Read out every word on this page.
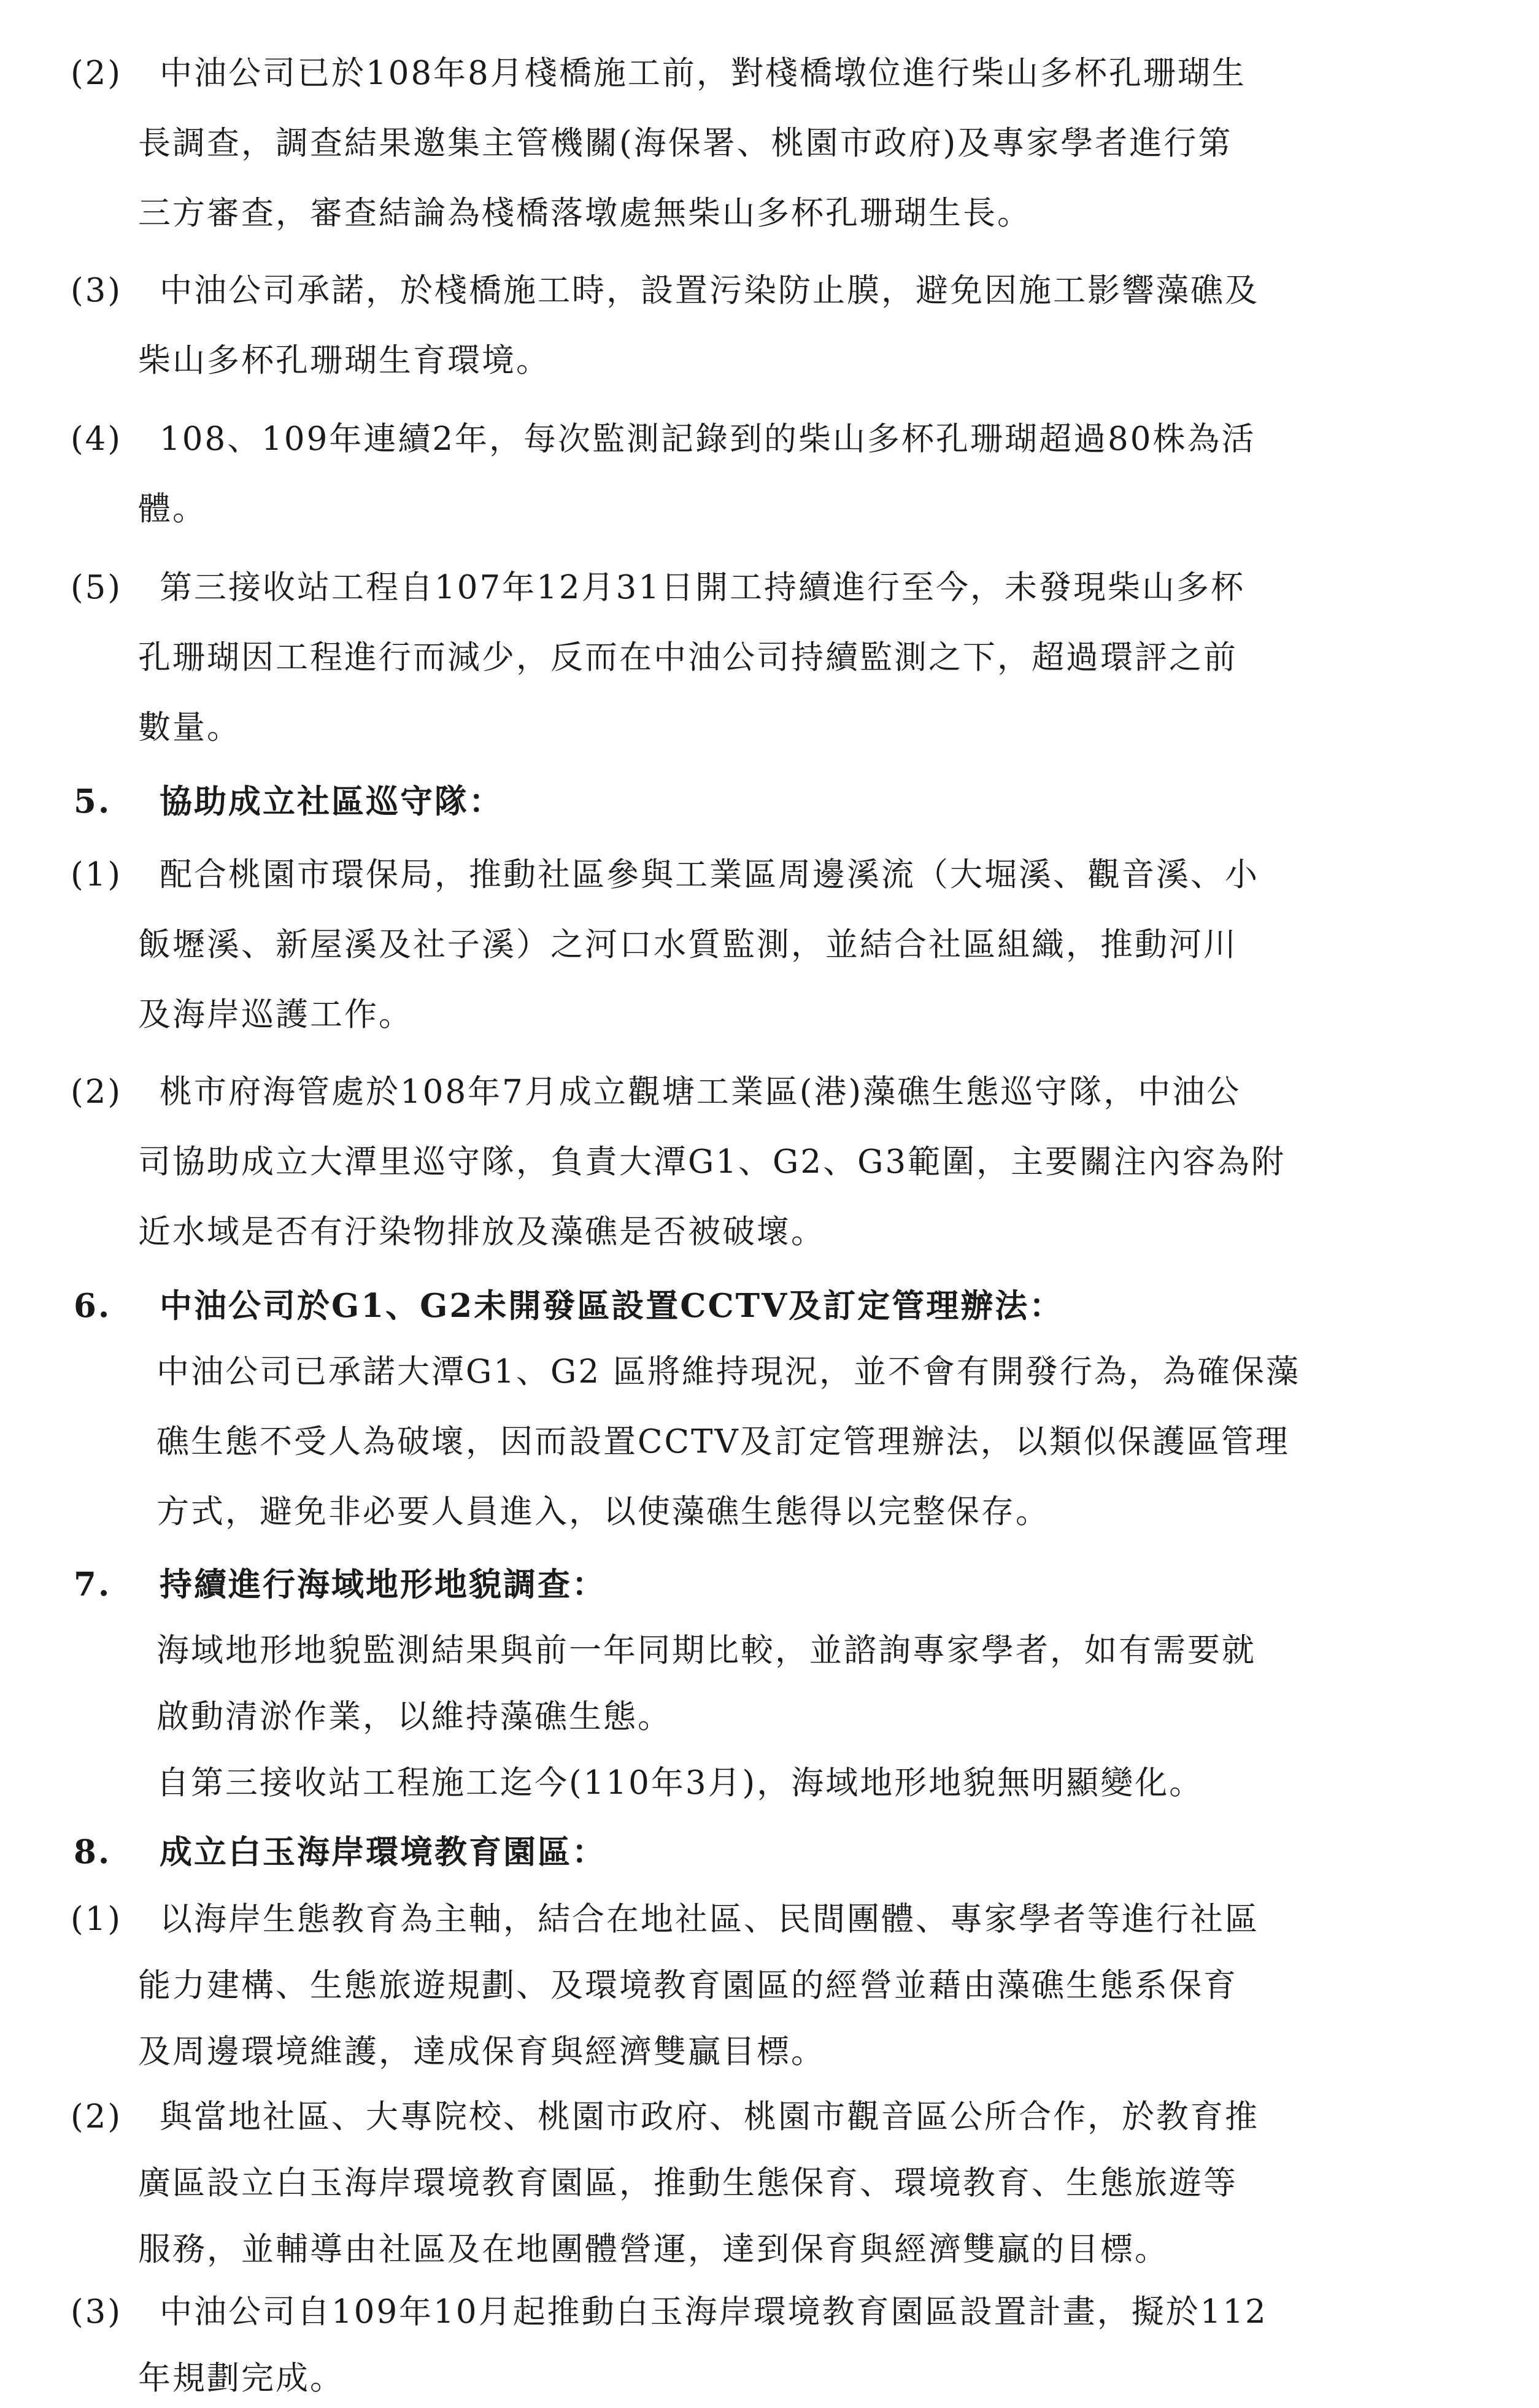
(2) 中油公司已於108年8月棧橋施工前，對棧橋墩位進行柴山多杯孔珊瑚生
長調查，調查結果邀集主管機關(海保署、桃園市政府)及專家學者進行第
三方審查，審查結論為棧橋落墩處無柴山多杯孔珊瑚生長。
(3) 中油公司承諾，於棧橋施工時，設置污染防止膜，避免因施工影響藻礁及
柴山多杯孔珊瑚生育環境。
(4) 108、109年連續2年，每次監測記錄到的柴山多杯孔珊瑚超過80株為活
體。
(5) 第三接收站工程自107年12月31日開工持續進行至今，未發現柴山多杯
孔珊瑚因工程進行而減少，反而在中油公司持續監測之下，超過環評之前
數量。
5. 協助成立社區巡守隊：
(1) 配合桃園市環保局，推動社區參與工業區周邊溪流（大堀溪、觀音溪、小
飯壢溪、新屋溪及社子溪）之河口水質監測，並結合社區組織，推動河川
及海岸巡護工作。
(2) 桃市府海管處於108年7月成立觀塘工業區(港)藻礁生態巡守隊，中油公
司協助成立大潭里巡守隊，負責大潭G1、G2、G3範圍，主要關注內容為附
近水域是否有汙染物排放及藻礁是否被破壞。
6. 中油公司於G1、G2未開發區設置CCTV及訂定管理辦法：
中油公司已承諾大潭G1、G2 區將維持現況，並不會有開發行為，為確保藻
礁生態不受人為破壞，因而設置CCTV及訂定管理辦法，以類似保護區管理
方式，避免非必要人員進入，以使藻礁生態得以完整保存。
7. 持續進行海域地形地貌調查：
海域地形地貌監測結果與前一年同期比較，並諮詢專家學者，如有需要就
啟動清淤作業，以維持藻礁生態。
自第三接收站工程施工迄今(110年3月)，海域地形地貌無明顯變化。
8. 成立白玉海岸環境教育園區：
(1) 以海岸生態教育為主軸，結合在地社區、民間團體、專家學者等進行社區
能力建構、生態旅遊規劃、及環境教育園區的經營並藉由藻礁生態系保育
及周邊環境維護，達成保育與經濟雙贏目標。
(2) 與當地社區、大專院校、桃園市政府、桃園市觀音區公所合作，於教育推
廣區設立白玉海岸環境教育園區，推動生態保育、環境教育、生態旅遊等
服務，並輔導由社區及在地團體營運，達到保育與經濟雙贏的目標。
(3) 中油公司自109年10月起推動白玉海岸環境教育園區設置計畫，擬於112
年規劃完成。
